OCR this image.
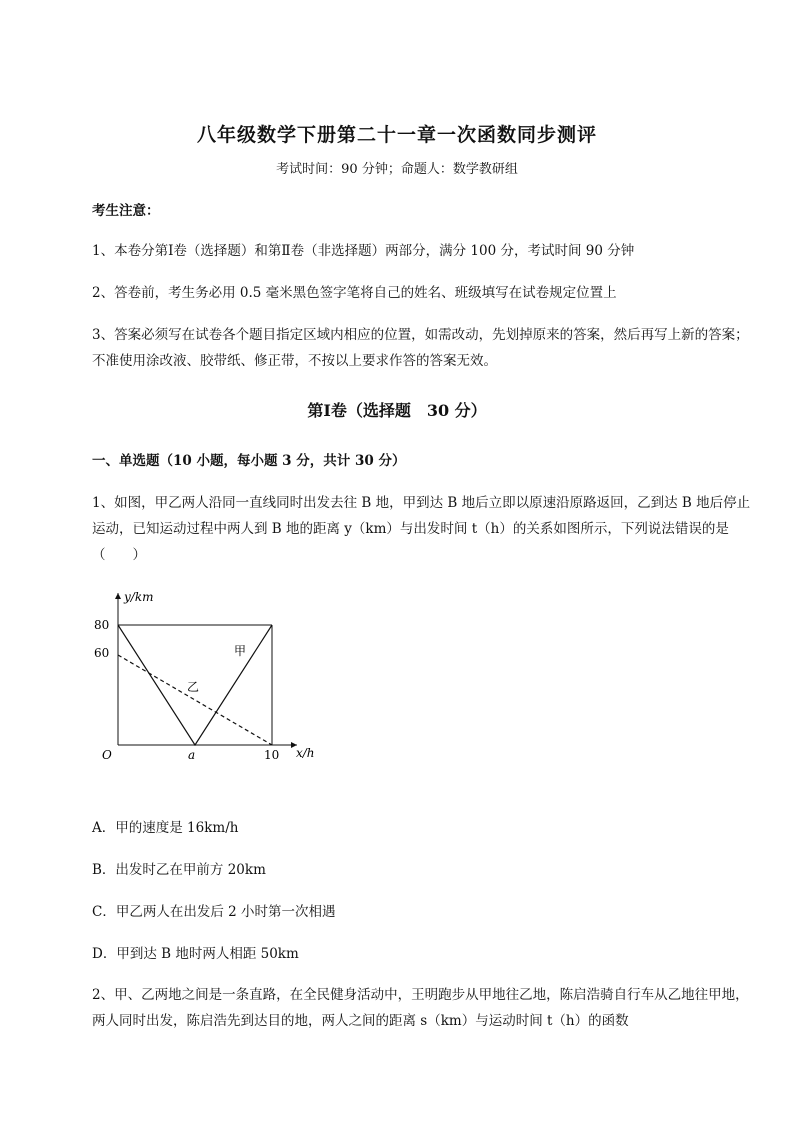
八年级数学下册第二十一章一次函数同步测评
考试时间：90 分钟；命题人：数学教研组
考生注意：
1、本卷分第Ⅰ卷（选择题）和第Ⅱ卷（非选择题）两部分，满分 100 分，考试时间 90 分钟
2、答卷前，考生务必用 0.5 毫米黑色签字笔将自己的姓名、班级填写在试卷规定位置上
3、答案必须写在试卷各个题目指定区域内相应的位置，如需改动，先划掉原来的答案，然后再写上新的答案；不准使用涂改液、胶带纸、修正带，不按以上要求作答的答案无效。
第Ⅰ卷（选择题　30 分）
一、单选题（10 小题，每小题 3 分，共计 30 分）
1、如图，甲乙两人沿同一直线同时出发去往 B 地，甲到达 B 地后立即以原速沿原路返回，乙到达 B 地后停止运动，已知运动过程中两人到 B 地的距离 y（km）与出发时间 t（h）的关系如图所示，下列说法错误的是（　　）
y/km
x/h
O
80
60
a	10
甲
乙
A．甲的速度是 16km/h
B．出发时乙在甲前方 20km
C．甲乙两人在出发后 2 小时第一次相遇
D．甲到达 B 地时两人相距 50km
2、甲、乙两地之间是一条直路，在全民健身活动中，王明跑步从甲地往乙地，陈启浩骑自行车从乙地往甲地，两人同时出发，陈启浩先到达目的地，两人之间的距离 s（km）与运动时间 t（h）的函数
